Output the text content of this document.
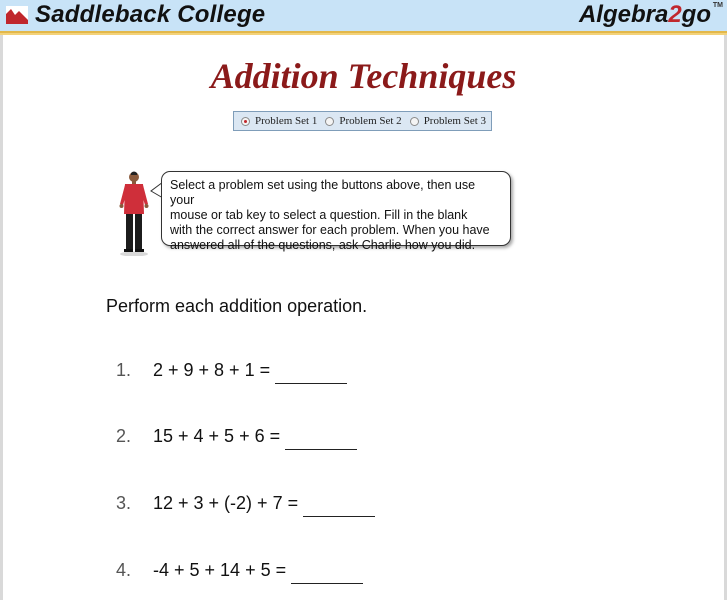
Saddleback College	Algebra2go TM
Addition Techniques
Problem Set 1 Problem Set 2 Problem Set 3
Select a problem set using the buttons above, then use your
mouse or tab key to select a question. Fill in the blank
with the correct answer for each problem. When you have
answered all of the questions, ask Charlie how you did.
Perform each addition operation.
1.	2 + 9 + 8 + 1 =
2.	15 + 4 + 5 + 6 =
3.	12 + 3 + (-2) + 7 =
4.	-4 + 5 + 14 + 5 =
